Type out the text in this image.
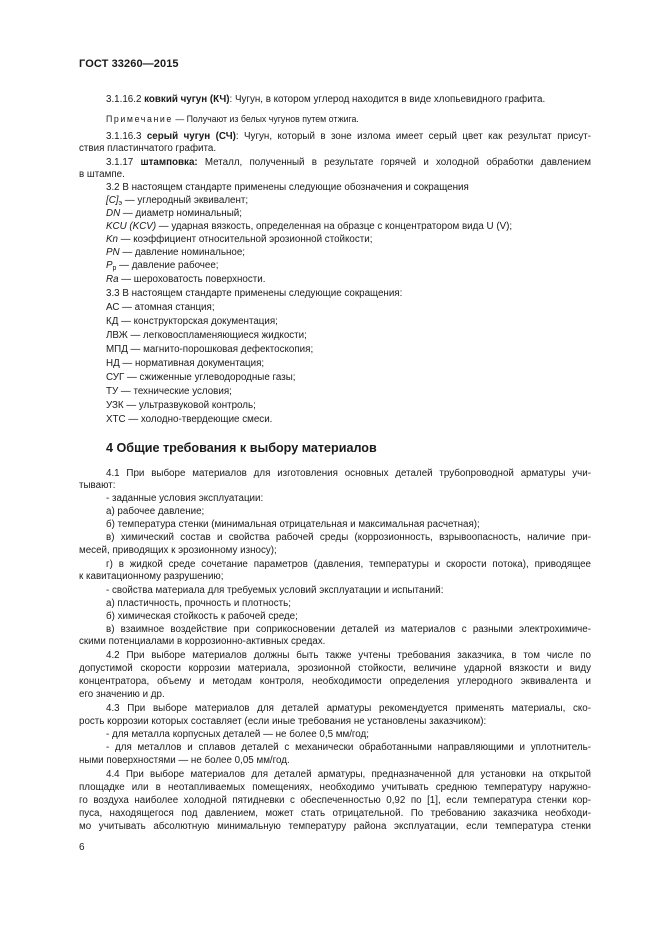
ГОСТ 33260—2015
3.1.16.2 ковкий чугун (КЧ): Чугун, в котором углерод находится в виде хлопьевидного графита.
Примечание — Получают из белых чугунов путем отжига.
3.1.16.3 серый чугун (СЧ): Чугун, который в зоне излома имеет серый цвет как результат присут-
ствия пластинчатого графита.
3.1.17 штамповка: Металл, полученный в результате горячей и холодной обработки давлением
в штампе.
3.2 В настоящем стандарте применены следующие обозначения и сокращения
$[C]_э$ — углеродный эквивалент;
DN — диаметр номинальный;
KCU (KCV) — ударная вязкость, определенная на образце с концентратором вида U (V);
Kn — коэффициент относительной эрозионной стойкости;
PN — давление номинальное;
$P_р$ — давление рабочее;
Ra — шероховатость поверхности.
3.3 В настоящем стандарте применены следующие сокращения:
АС — атомная станция;
КД — конструкторская документация;
ЛВЖ — легковоспламеняющиеся жидкости;
МПД — магнито-порошковая дефектоскопия;
НД — нормативная документация;
СУГ — сжиженные углеводородные газы;
ТУ — технические условия;
УЗК — ультразвуковой контроль;
ХТС — холодно-твердеющие смеси.
4 Общие требования к выбору материалов
4.1 При выборе материалов для изготовления основных деталей трубопроводной арматуры учи-
тывают:
- заданные условия эксплуатации:
а) рабочее давление;
б) температура стенки (минимальная отрицательная и максимальная расчетная);
в) химический состав и свойства рабочей среды (коррозионность, взрывоопасность, наличие при-
месей, приводящих к эрозионному износу);
г) в жидкой среде сочетание параметров (давления, температуры и скорости потока), приводящее
к кавитационному разрушению;
- свойства материала для требуемых условий эксплуатации и испытаний:
а) пластичность, прочность и плотность;
б) химическая стойкость к рабочей среде;
в) взаимное воздействие при соприкосновении деталей из материалов с разными электрохимиче-
скими потенциалами в коррозионно-активных средах.
4.2 При выборе материалов должны быть также учтены требования заказчика, в том числе по
допустимой скорости коррозии материала, эрозионной стойкости, величине ударной вязкости и виду
концентратора, объему и методам контроля, необходимости определения углеродного эквивалента и
его значению и др.
4.3 При выборе материалов для деталей арматуры рекомендуется применять материалы, ско-
рость коррозии которых составляет (если иные требования не установлены заказчиком):
- для металла корпусных деталей — не более 0,5 мм/год;
- для металлов и сплавов деталей с механически обработанными направляющими и уплотнитель-
ными поверхностями — не более 0,05 мм/год.
4.4 При выборе материалов для деталей арматуры, предназначенной для установки на открытой
площадке или в неотапливаемых помещениях, необходимо учитывать среднюю температуру наружно-
го воздуха наиболее холодной пятидневки с обеспеченностью 0,92 по [1], если температура стенки кор-
пуса, находящегося под давлением, может стать отрицательной. По требованию заказчика необходи-
мо учитывать абсолютную минимальную температуру района эксплуатации, если температура стенки
6
